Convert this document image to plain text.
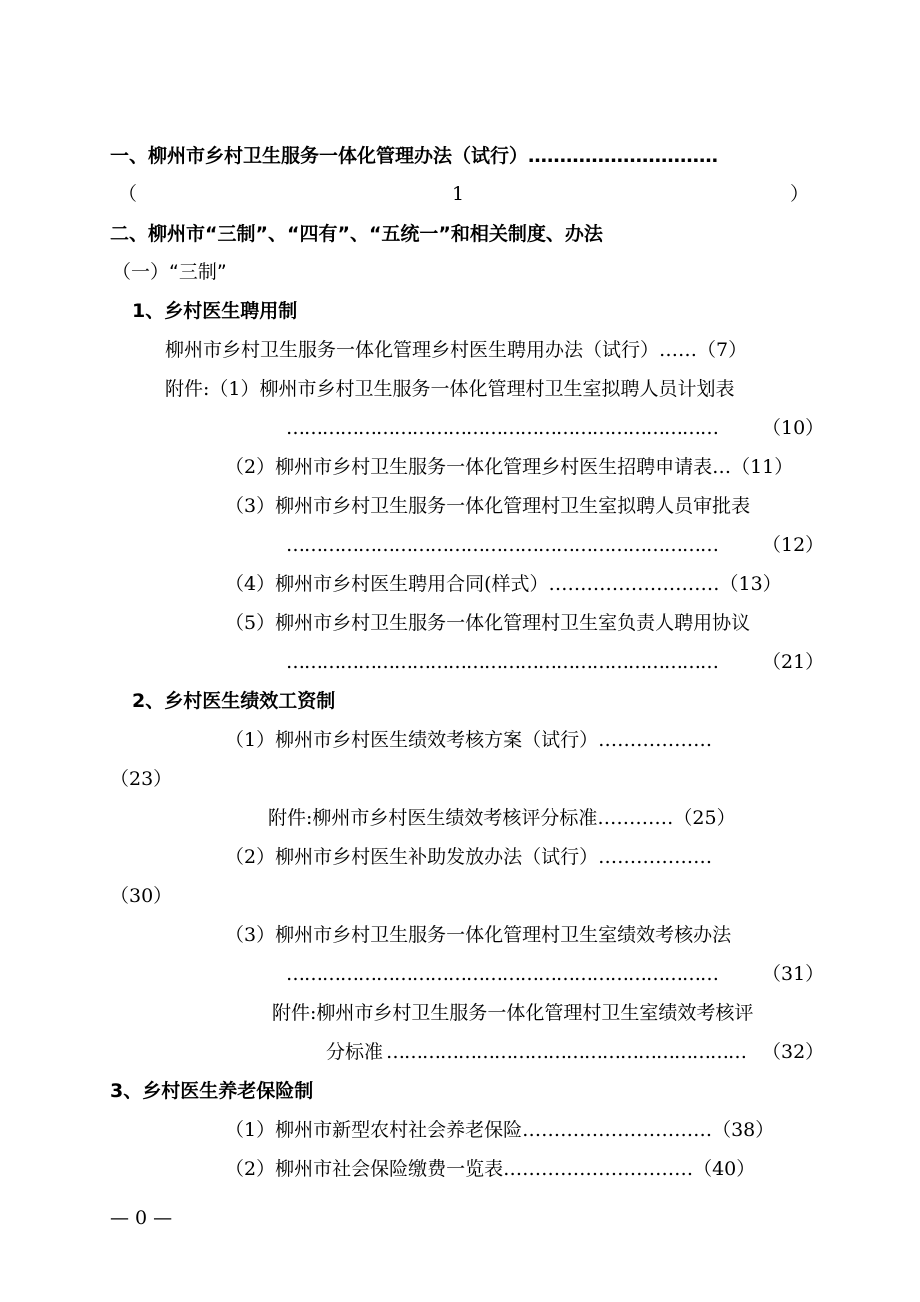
一、柳州市乡村卫生服务一体化管理办法（试行）…………………………
（	1	）
二、柳州市“三制”、“四有”、“五统一”和相关制度、办法
（一）“三制”
1、乡村医生聘用制
柳州市乡村卫生服务一体化管理乡村医生聘用办法（试行）……（7）
附件:（1）柳州市乡村卫生服务一体化管理村卫生室拟聘人员计划表
……………………………………………………………… （10）
（2）柳州市乡村卫生服务一体化管理乡村医生招聘申请表…（11）
（3）柳州市乡村卫生服务一体化管理村卫生室拟聘人员审批表
……………………………………………………………… （12）
（4）柳州市乡村医生聘用合同(样式）………………………（13）
（5）柳州市乡村卫生服务一体化管理村卫生室负责人聘用协议
……………………………………………………………… （21）
2、乡村医生绩效工资制
（1）柳州市乡村医生绩效考核方案（试行）………………
（23）
附件:柳州市乡村医生绩效考核评分标准…………（25）
（2）柳州市乡村医生补助发放办法（试行）………………
（30）
（3）柳州市乡村卫生服务一体化管理村卫生室绩效考核办法
……………………………………………………………… （31）
附件:柳州市乡村卫生服务一体化管理村卫生室绩效考核评
分标准 …………………………………………………… （32）
3、乡村医生养老保险制
（1）柳州市新型农村社会养老保险…………………………（38）
（2）柳州市社会保险缴费一览表…………………………（40）
— 0 —
